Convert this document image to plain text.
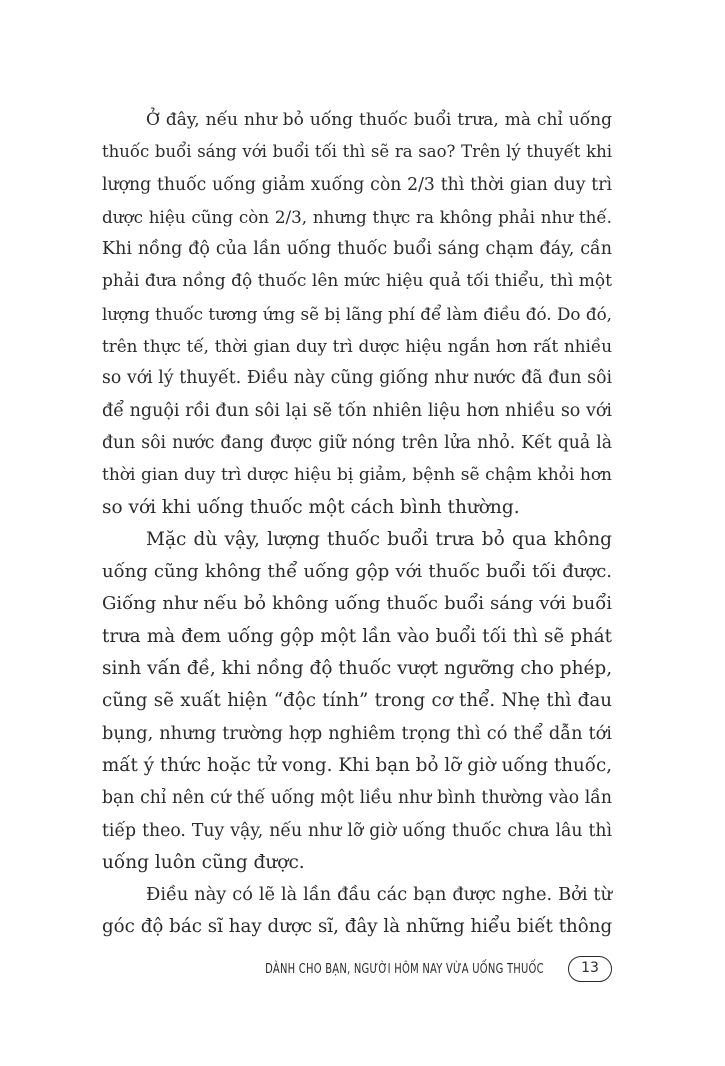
Ở đây, nếu như bỏ uống thuốc buổi trưa, mà chỉ uống
thuốc buổi sáng với buổi tối thì sẽ ra sao? Trên lý thuyết khi
lượng thuốc uống giảm xuống còn 2/3 thì thời gian duy trì
dược hiệu cũng còn 2/3, nhưng thực ra không phải như thế.
Khi nồng độ của lần uống thuốc buổi sáng chạm đáy, cần
phải đưa nồng độ thuốc lên mức hiệu quả tối thiểu, thì một
lượng thuốc tương ứng sẽ bị lãng phí để làm điều đó. Do đó,
trên thực tế, thời gian duy trì dược hiệu ngắn hơn rất nhiều
so với lý thuyết. Điều này cũng giống như nước đã đun sôi
để nguội rồi đun sôi lại sẽ tốn nhiên liệu hơn nhiều so với
đun sôi nước đang được giữ nóng trên lửa nhỏ. Kết quả là
thời gian duy trì dược hiệu bị giảm, bệnh sẽ chậm khỏi hơn
so với khi uống thuốc một cách bình thường.
Mặc dù vậy, lượng thuốc buổi trưa bỏ qua không
uống cũng không thể uống gộp với thuốc buổi tối được.
Giống như nếu bỏ không uống thuốc buổi sáng với buổi
trưa mà đem uống gộp một lần vào buổi tối thì sẽ phát
sinh vấn đề, khi nồng độ thuốc vượt ngưỡng cho phép,
cũng sẽ xuất hiện “độc tính” trong cơ thể. Nhẹ thì đau
bụng, nhưng trường hợp nghiêm trọng thì có thể dẫn tới
mất ý thức hoặc tử vong. Khi bạn bỏ lỡ giờ uống thuốc,
bạn chỉ nên cứ thế uống một liều như bình thường vào lần
tiếp theo. Tuy vậy, nếu như lỡ giờ uống thuốc chưa lâu thì
uống luôn cũng được.
Điều này có lẽ là lần đầu các bạn được nghe. Bởi từ
góc độ bác sĩ hay dược sĩ, đây là những hiểu biết thông
DÀNH CHO BẠN, NGƯỜI HÔM NAY VỪA UỐNG THUỐC	13
